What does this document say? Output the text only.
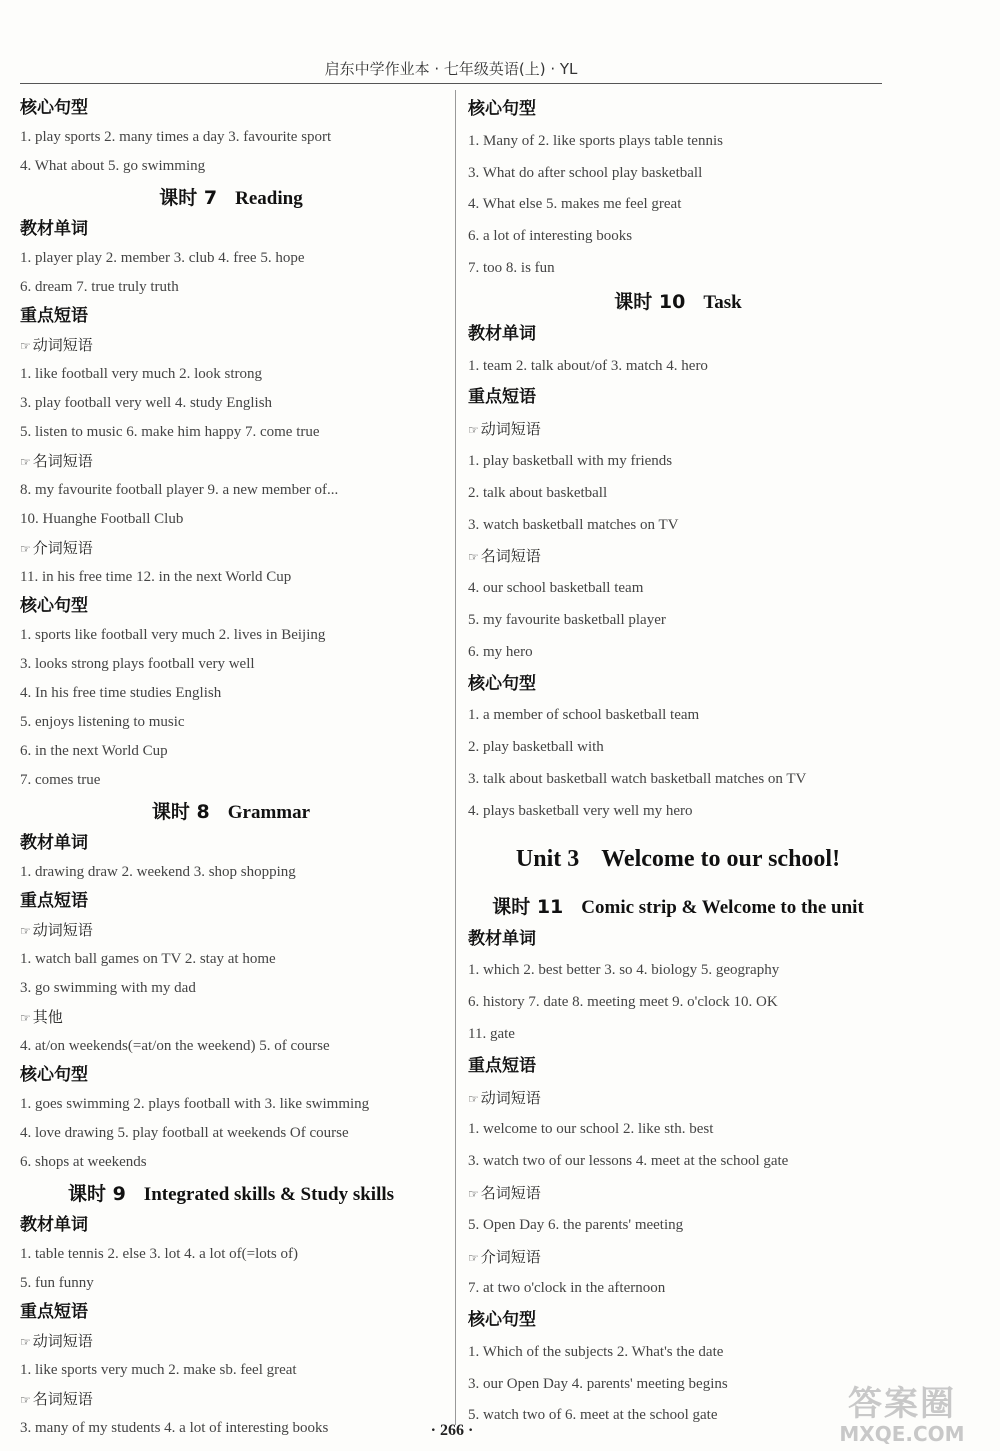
启东中学作业本 · 七年级英语(上) · YL
核心句型
1. play sports 2. many times a day 3. favourite sport
4. What about 5. go swimming
课时 7 Reading
教材单词
1. player play 2. member 3. club 4. free 5. hope
6. dream 7. true truly truth
重点短语
☞ 动词短语
1. like football very much 2. look strong
3. play football very well 4. study English
5. listen to music 6. make him happy 7. come true
☞ 名词短语
8. my favourite football player 9. a new member of...
10. Huanghe Football Club
☞ 介词短语
11. in his free time 12. in the next World Cup
核心句型
1. sports like football very much 2. lives in Beijing
3. looks strong plays football very well
4. In his free time studies English
5. enjoys listening to music
6. in the next World Cup
7. comes true
课时 8 Grammar
教材单词
1. drawing draw 2. weekend 3. shop shopping
重点短语
☞ 动词短语
1. watch ball games on TV 2. stay at home
3. go swimming with my dad
☞ 其他
4. at/on weekends(=at/on the weekend) 5. of course
核心句型
1. goes swimming 2. plays football with 3. like swimming
4. love drawing 5. play football at weekends Of course
6. shops at weekends
课时 9 Integrated skills & Study skills
教材单词
1. table tennis 2. else 3. lot 4. a lot of(=lots of)
5. fun funny
重点短语
☞ 动词短语
1. like sports very much 2. make sb. feel great
☞ 名词短语
3. many of my students 4. a lot of interesting books
核心句型
1. Many of 2. like sports plays table tennis
3. What do after school play basketball
4. What else 5. makes me feel great
6. a lot of interesting books
7. too 8. is fun
课时 10 Task
教材单词
1. team 2. talk about/of 3. match 4. hero
重点短语
☞ 动词短语
1. play basketball with my friends
2. talk about basketball
3. watch basketball matches on TV
☞ 名词短语
4. our school basketball team
5. my favourite basketball player
6. my hero
核心句型
1. a member of school basketball team
2. play basketball with
3. talk about basketball watch basketball matches on TV
4. plays basketball very well my hero
Unit 3 Welcome to our school!
课时 11 Comic strip & Welcome to the unit
教材单词
1. which 2. best better 3. so 4. biology 5. geography
6. history 7. date 8. meeting meet 9. o'clock 10. OK
11. gate
重点短语
☞ 动词短语
1. welcome to our school 2. like sth. best
3. watch two of our lessons 4. meet at the school gate
☞ 名词短语
5. Open Day 6. the parents' meeting
☞ 介词短语
7. at two o'clock in the afternoon
核心句型
1. Which of the subjects 2. What's the date
3. our Open Day 4. parents' meeting begins
5. watch two of 6. meet at the school gate
· 266 ·
答案圈
MXQE.COM
